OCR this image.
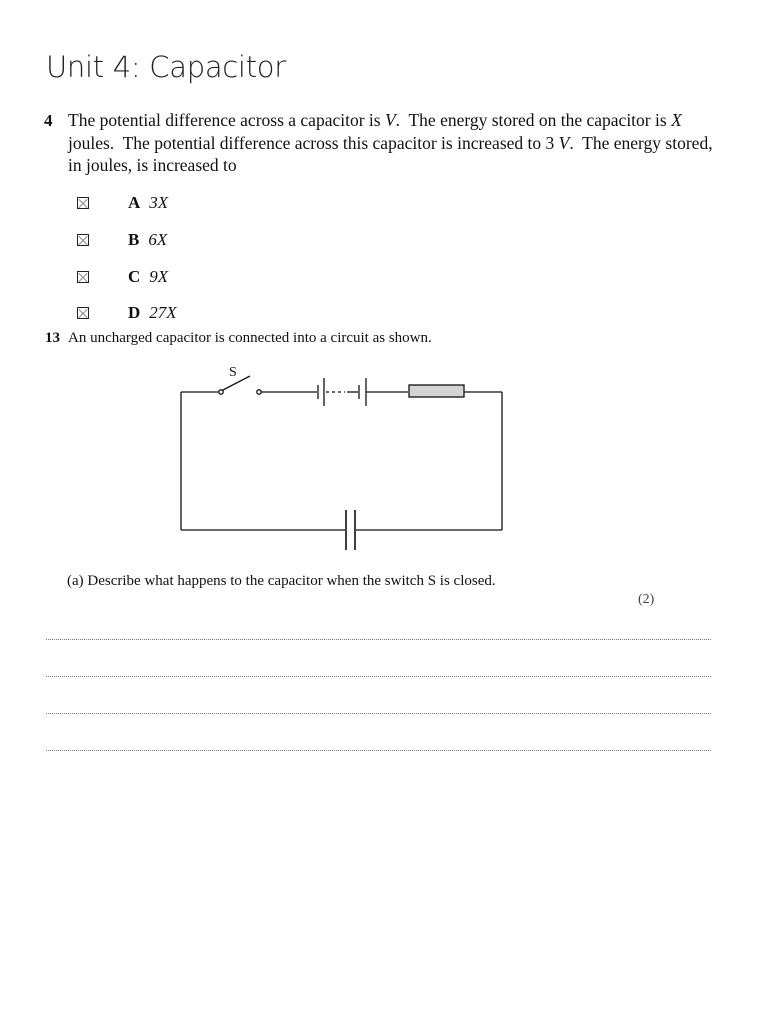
Unit 4: Capacitor
4 The potential difference across a capacitor is V.  The energy stored on the capacitor is X joules.  The potential difference across this capacitor is increased to 3 V.  The energy stored, in joules, is increased to
A 3X
B 6X
C 9X
D 27X
13 An uncharged capacitor is connected into a circuit as shown.
S
(a) Describe what happens to the capacitor when the switch S is closed.
(2)
